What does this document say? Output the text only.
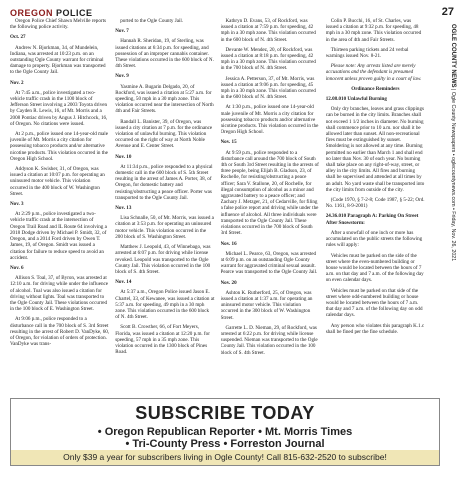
OREGON POLICE

Oregon Police Chief Shawn Melville reports the following police activity.

Oct. 27

Andrew N. Bjorkman, 34, of Mundelein, Indiana, was arrested at 10:23 p.m. on an outstanding Ogle County warrant for criminal damage to property. Bjorkman was transported to the Ogle County Jail.

Nov. 2

At 7:45 a.m., police investigated a two-vehicle traffic crash in the 1100 block of Jefferson Street involving a 2003 Toyota driven by Cayden R. Lewis, 16, of Mt. Morris and a 2008 Pontiac driven by Angus J. Hitchcock, 16, of Oregon. No citations were issued.

At 2 p.m., police issued one 14-year-old male juvenile of Mt. Morris a city citation for possessing tobacco products and/or alternative nicotine products. This violation occurred in the Oregon High School.

Addyson K. Swisher, 31, of Oregon, was issued a citation at 10:07 p.m. for operating an uninsured motor vehicle. This violation occurred in the 400 block of W. Washington Street.

Nov. 3

At 2:29 p.m., police investigated a two-vehicle traffic crash at the intersection of Oregon Trail Road and IL Route 64 involving a 2018 Dodge driven by Michael P. Smidt, 32, of Oregon, and a 2014 Ford driven by Owen T. James, 19, of Oregon. Smidt was issued a citation for failure to reduce speed to avoid an accident.

Nov. 6

Allison S. Toal, 37, of Byron, was arrested at 12:10 a.m. for driving while under the influence of alcohol. Toal was also issued a citation for driving without lights. Toal was transported to the Ogle County Jail. These violations occurred in the 100 block of E. Washington Street.

At 9:06 p.m., police responded to a disturbance call in the 700 block of S. 3rd Street resulting in the arrest of Robert D. VanDyke, 60, of Oregon, for violation of orders of protection. VanDyke was trans-

ported to the Ogle County Jail.

Nov. 7

Hannah R. Sheridan, 19, of Sterling, was issued citations at 6:34 p.m. for speeding, and possession of an improper cannabis container. These violations occurred in the 600 block of N. 4th Street.

Nov. 9

Yasmine A. Bugarin Delgado, 20, of Rockford, was issued a citation at 5:27 a.m. for speeding, 50 mph in a 30 mph zone. This violation occurred near the intersection of North 4th and Fair Streets.

Randall L. Banister, 39, of Oregon, was issued a city citation at 7 p.m. for the ordinance violation of unlawful burning. This violation occurred on the right of way at North Noble Avenue and E. Center Street.

Nov. 10

At 11:34 p.m., police responded to a physical domestic call in the 600 block of S. 5th Street resulting in the arrest of James A. Porter, 38, of Oregon, for domestic battery and resisting/obstructing a peace officer. Porter was transported to the Ogle County Jail.

Nov. 13

Lisa Schnalle, 50, of Mt. Morris, was issued a citation at 3:53 p.m. for operating an uninsured motor vehicle. This violation occurred in the 200 block of S. Washington Street.

Matthew J. Leopold, 43, of Winnebago, was arrested at 6:07 p.m. for driving while license revoked. Leopold was transported to the Ogle County Jail. This violation occurred in the 100 block of S. 4th Street.

Nov. 14

At 5:37 a.m., Oregon Police issued Jason E. Chartel, 33, of Kewanee, was issued a citation at 5:37 a.m. for speeding, 49 mph in a 30 mph zone. This violation occurred in the 600 block of N. 4th Street.

Scott B. Crowther, 66, of Fort Meyers, Florida, was issued a citation at 12:20 p.m. for speeding, 57 mph in a 35 mph zone. This violation occurred in the 1300 block of Pines Road.

Kathryn D. Evans, 53, of Rockford, was issued a citation at 7:59 p.m. for speeding, 42 mph in a 30 mph zone. This violation occurred in the 600 block of N. 4th Street.

Devante W. Mendez, 20, of Rockford, was issued a citation at 8:18 p.m. for speeding, 42 mph in a 30 mph zone. This violation occurred in the 700 block of N. 4th Street.

Jessica A. Petterson, 37, of Mt. Morris, was issued a citation at 9:06 p.m. for speeding, 45 mph in a 30 mph zone. This violation occurred in the 600 block of N. 4th Street.

At 1:30 p.m., police issued one 14-year-old male juvenile of Mt. Morris a city citation for possessing tobacco products and/or alternative nicotine products. This violation occurred in the Oregon High School.

Nov. 15

At 9:59 p.m., police responded to a disturbance call around the 700 block of South 4th or South 3rd Street resulting in the arrests of three people, being Elijah B. Gladson, 23, of Rochelle, for resisting/obstructing a peace officer; Sara V. Stallone, 20, of Rochelle, for illegal consumption of alcohol as a minor and aggravated battery to a peace officer; and Zachary J. Metzger, 21, of Cedarville, for filing a false police report and driving while under the influence of alcohol. All three individuals were transported to the Ogle County Jail. These violations occurred in the 700 block of South 3rd Street.

Nov. 16

Michael L. Pearce, 63, Oregon, was arrested at 6:09 p.m. on an outstanding Ogle County warrant for aggravated criminal sexual assault. Pearce was transported to the Ogle County Jail.

Nov. 20

Ashton K. Rutherford, 25, of Oregon, was issued a citation at 1:37 a.m. for operating an uninsured motor vehicle. This violation occurred in the 300 block of W. Washington Street.

Garrette L. D. Nieman, 29, of Rockford, was arrested at 6:22 p.m. for driving while license suspended. Nieman was transported to the Ogle County Jail. This violation occurred in the 100 block of S. 4th Street.

Colin P. Bucchi, 16, of St. Charles, was issued a citation at 9:32 p.m. for speeding, 48 mph in a 30 mph zone. This violation occurred in the area of 4th and Fair Streets.

Thirteen parking tickets and 24 verbal warnings issued Nov. 8-21.

Please note: Any arrests listed are merely accusations and the defendant is presumed innocent unless proven guilty in a court of law.

Ordinance Reminders

12.08.010 Unlawful Burning

Only dry branches, leaves and grass clippings can be burned in the city limits. Branches shall not exceed 1 1/2 inches in diameter. No burning shall commence prior to 10 a.m. nor shall it be allowed later than sunset. All non-recreational fires must be extinguished by sunset. Smoldering is not allowed at any time. Burning permitted no earlier than March 1 and shall end no later than Nov. 30 of each year. No burning shall take place on any right-of-way, street, or alley in the city limits. All fires and burning shall be supervised and attended at all times by an adult. No yard waste shall be transported into the city limits from outside of the city.

(Code 1970, § 7-2-8; Code 1987, § 5-22; Ord. No. 1161, 8-9-2001)

24.36.010 Paragraph A: Parking On Street After Snowstorm:

After a snowfall of one inch or more has accumulated on the public streets the following rules will apply:

Vehicles must be parked on the side of the street where the even-numbered building or house would be located between the hours of 7 a.m. on that day and 7 a.m. of the following day on even calendar days.

Vehicles must be parked on that side of the street where odd-numbered building or house would be located between the hours of 7 a.m. that day and 7 a.m. of the following day on odd calendar days.

Any person who violates this paragraph K.1.c shall be fined per the fine schedule.

27
OGLE COUNTY NEWS | Ogle County Newspapers • oglecountynews.com • Friday, Nov. 26, 2021
SUBSCRIBE TODAY
• Oregon Republican Reporter • Mt. Morris Times
• Tri-County Press • Forreston Journal
Only $39 a year for subscribers living in Ogle County! Call 815-632-2520 to subscribe!
